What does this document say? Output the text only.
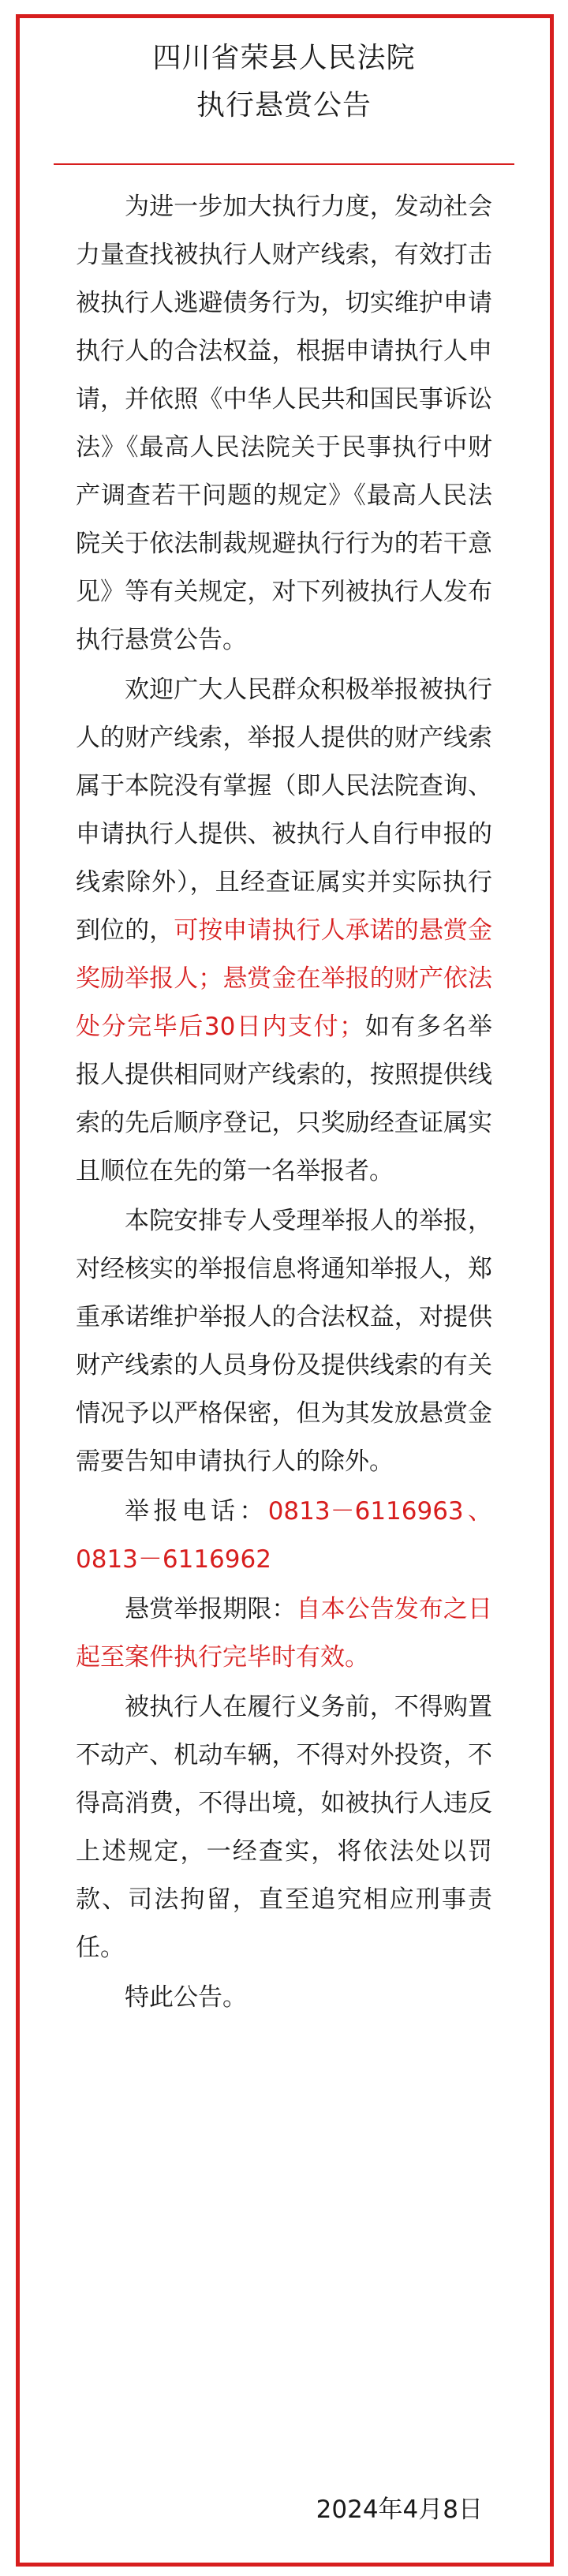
四川省荣县人民法院
执行悬赏公告

为进一步加大执行力度，发动社会力量查找被执行人财产线索，有效打击被执行人逃避债务行为，切实维护申请执行人的合法权益，根据申请执行人申请，并依照《中华人民共和国民事诉讼法》《最高人民法院关于民事执行中财产调查若干问题的规定》《最高人民法院关于依法制裁规避执行行为的若干意见》等有关规定，对下列被执行人发布执行悬赏公告。

欢迎广大人民群众积极举报被执行人的财产线索，举报人提供的财产线索属于本院没有掌握（即人民法院查询、申请执行人提供、被执行人自行申报的线索除外），且经查证属实并实际执行到位的，可按申请执行人承诺的悬赏金奖励举报人；悬赏金在举报的财产依法处分完毕后30日内支付；如有多名举报人提供相同财产线索的，按照提供线索的先后顺序登记，只奖励经查证属实且顺位在先的第一名举报者。

本院安排专人受理举报人的举报，对经核实的举报信息将通知举报人，郑重承诺维护举报人的合法权益，对提供财产线索的人员身份及提供线索的有关情况予以严格保密，但为其发放悬赏金需要告知申请执行人的除外。

举报电话：0813－6116963、0813－6116962

悬赏举报期限：自本公告发布之日起至案件执行完毕时有效。

被执行人在履行义务前，不得购置不动产、机动车辆，不得对外投资，不得高消费，不得出境，如被执行人违反上述规定，一经查实，将依法处以罚款、司法拘留，直至追究相应刑事责任。

特此公告。

2024年4月8日
